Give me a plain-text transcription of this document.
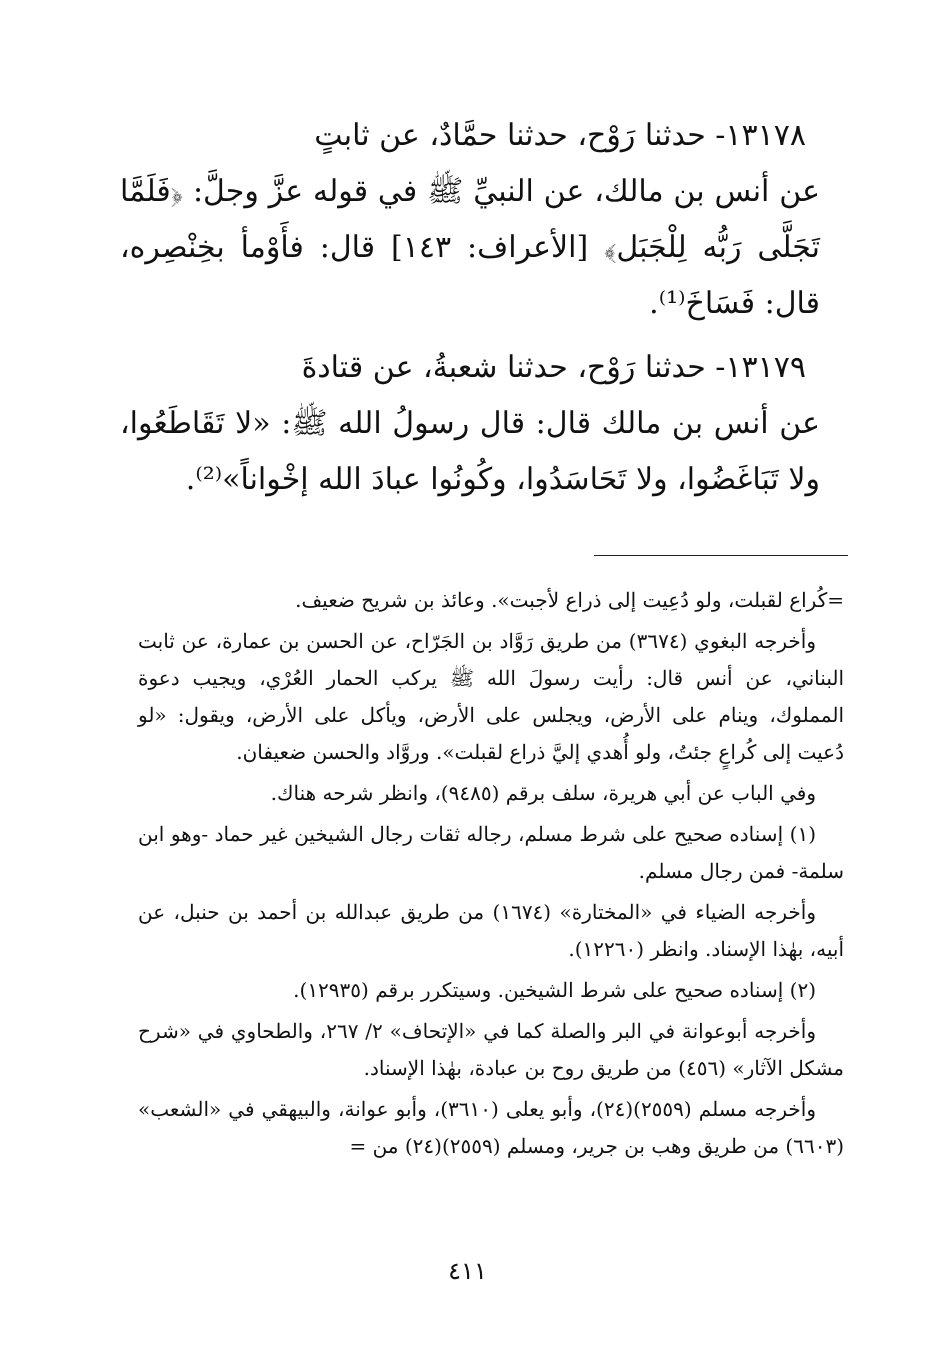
١٣١٧٨- حدثنا رَوْح، حدثنا حمَّادٌ، عن ثابتٍ

عن أنس بن مالك، عن النبيِّ ﷺ في قوله عزَّ وجلَّ: ﴿فَلَمَّا تَجَلَّى رَبُّه لِلْجَبَل﴾ [الأعراف: ١٤٣] قال: فأَوْمأ بخِنْصِره، قال: فَسَاخَ⁽¹⁾.

١٣١٧٩- حدثنا رَوْح، حدثنا شعبةُ، عن قتادةَ

عن أنس بن مالك قال: قال رسولُ الله ﷺ: «لا تَقَاطَعُوا، ولا تَبَاغَضُوا، ولا تَحَاسَدُوا، وكُونُوا عبادَ الله إخْواناً»⁽²⁾.

=كُراع لقبلت، ولو دُعِيت إلى ذراع لأجبت». وعائذ بن شريح ضعيف.

وأخرجه البغوي (٣٦٧٤) من طريق رَوَّاد بن الجَرّاح، عن الحسن بن عمارة، عن ثابت البناني، عن أنس قال: رأيت رسولَ الله ﷺ يركب الحمار العُرْي، ويجيب دعوة المملوك، وينام على الأرض، ويجلس على الأرض، ويأكل على الأرض، ويقول: «لو دُعيت إلى كُراعٍ جئتُ، ولو أُهدي إليَّ ذراع لقبلت». وروَّاد والحسن ضعيفان.

وفي الباب عن أبي هريرة، سلف برقم (٩٤٨٥)، وانظر شرحه هناك.

(١) إسناده صحيح على شرط مسلم، رجاله ثقات رجال الشيخين غير حماد -وهو ابن سلمة- فمن رجال مسلم.

وأخرجه الضياء في «المختارة» (١٦٧٤) من طريق عبدالله بن أحمد بن حنبل، عن أبيه، بهٰذا الإسناد. وانظر (١٢٢٦٠).

(٢) إسناده صحيح على شرط الشيخين. وسيتكرر برقم (١٢٩٣٥).

وأخرجه أبوعوانة في البر والصلة كما في «الإتحاف» ٢/ ٢٦٧، والطحاوي في «شرح مشكل الآثار» (٤٥٦) من طريق روح بن عبادة، بهٰذا الإسناد.

وأخرجه مسلم (٢٥٥٩)(٢٤)، وأبو يعلى (٣٦١٠)، وأبو عوانة، والبيهقي في «الشعب» (٦٦٠٣) من طريق وهب بن جرير، ومسلم (٢٥٥٩)(٢٤) من =

٤١١
